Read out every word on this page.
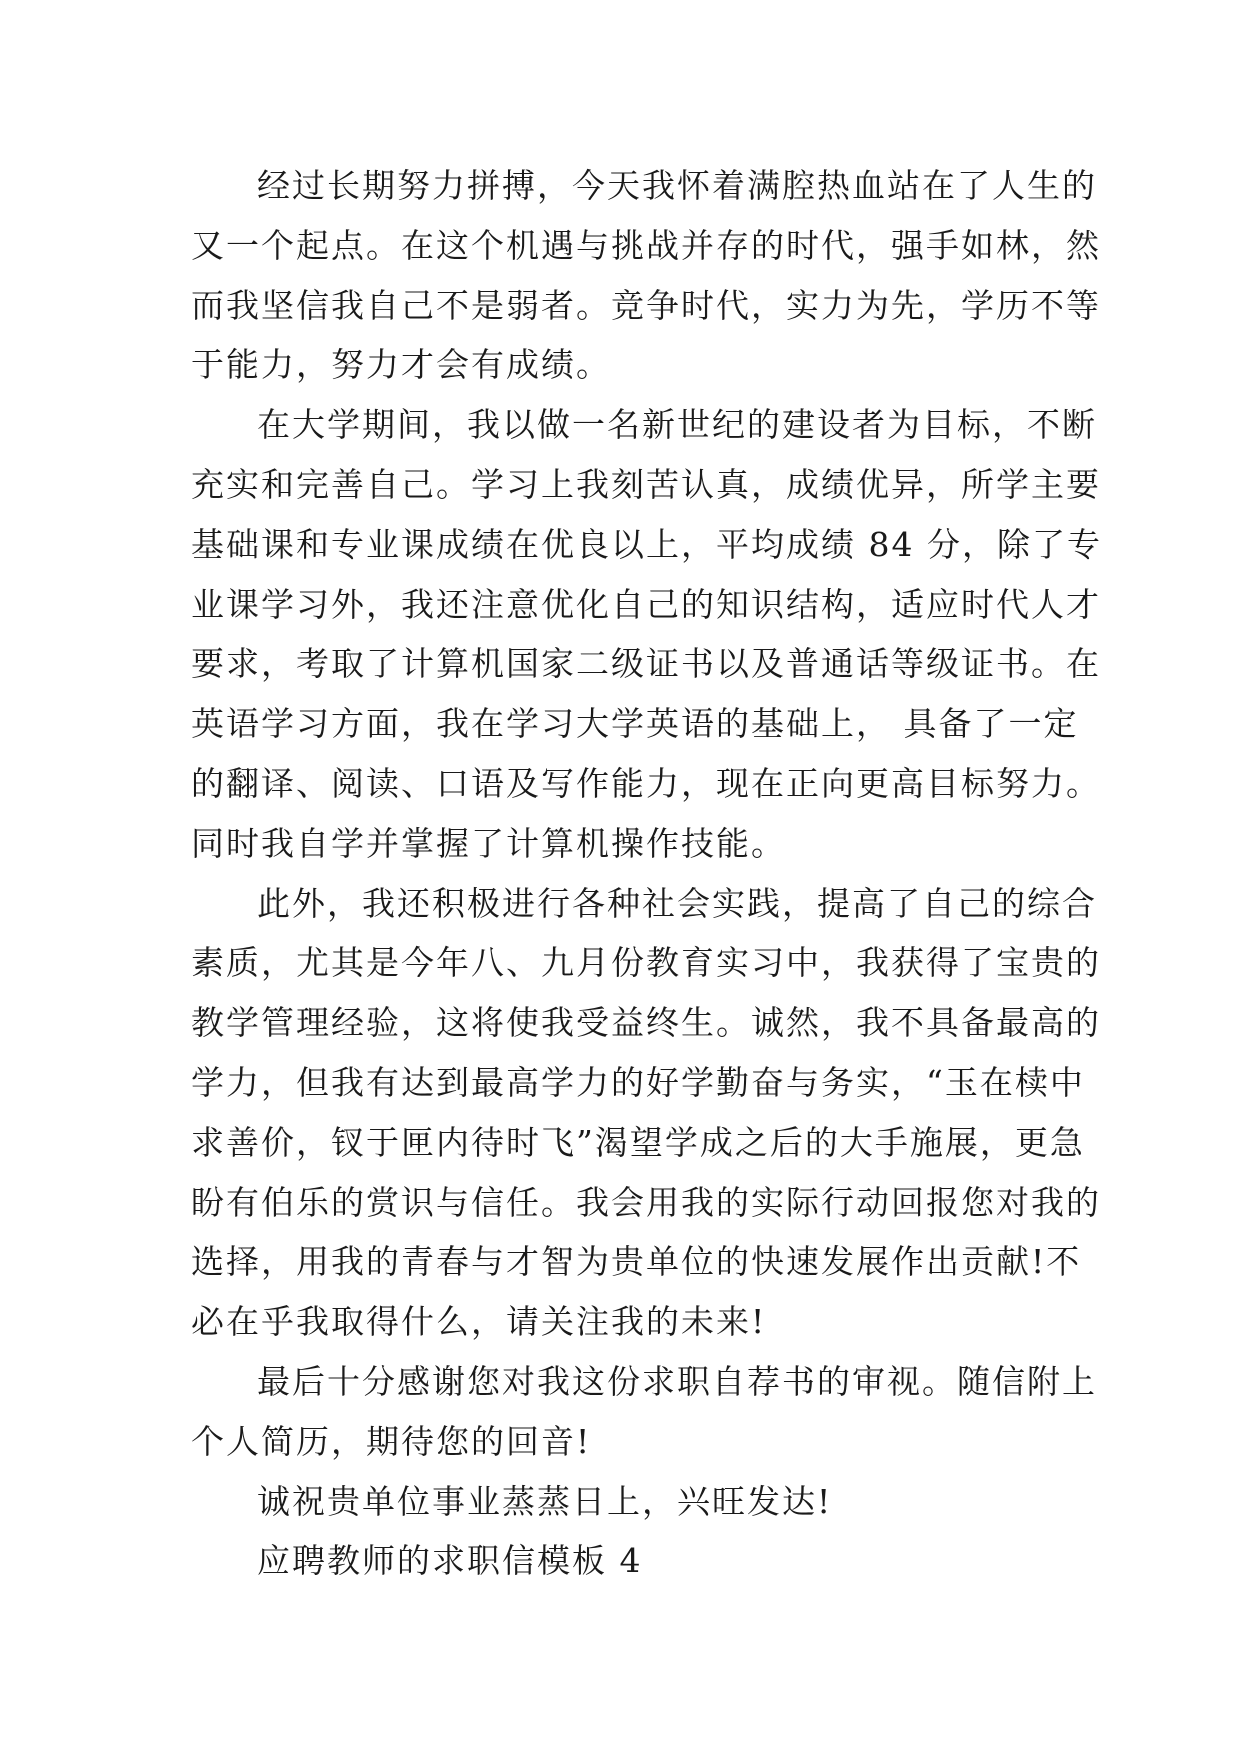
经过长期努力拼搏，今天我怀着满腔热血站在了人生的
又一个起点。在这个机遇与挑战并存的时代，强手如林，然
而我坚信我自己不是弱者。竞争时代，实力为先，学历不等
于能力，努力才会有成绩。
在大学期间，我以做一名新世纪的建设者为目标，不断
充实和完善自己。学习上我刻苦认真，成绩优异，所学主要
基础课和专业课成绩在优良以上，平均成绩 84 分，除了专
业课学习外，我还注意优化自己的知识结构，适应时代人才
要求，考取了计算机国家二级证书以及普通话等级证书。在
英语学习方面，我在学习大学英语的基础上， 具备了一定
的翻译、阅读、口语及写作能力，现在正向更高目标努力。
同时我自学并掌握了计算机操作技能。
此外，我还积极进行各种社会实践，提高了自己的综合
素质，尤其是今年八、九月份教育实习中，我获得了宝贵的
教学管理经验，这将使我受益终生。诚然，我不具备最高的
学力，但我有达到最高学力的好学勤奋与务实，“玉在椟中
求善价，钗于匣内待时飞”渴望学成之后的大手施展，更急
盼有伯乐的赏识与信任。我会用我的实际行动回报您对我的
选择，用我的青春与才智为贵单位的快速发展作出贡献!不
必在乎我取得什么，请关注我的未来!
最后十分感谢您对我这份求职自荐书的审视。随信附上
个人简历，期待您的回音!
诚祝贵单位事业蒸蒸日上，兴旺发达!
应聘教师的求职信模板 4
